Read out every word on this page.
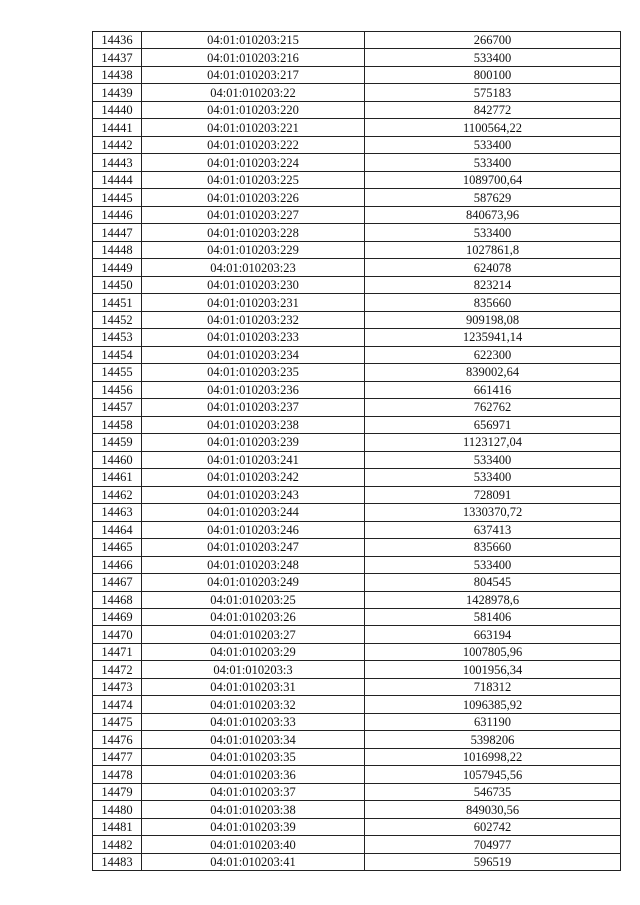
14436	04:01:010203:215	266700
14437	04:01:010203:216	533400
14438	04:01:010203:217	800100
14439	04:01:010203:22	575183
14440	04:01:010203:220	842772
14441	04:01:010203:221	1100564,22
14442	04:01:010203:222	533400
14443	04:01:010203:224	533400
14444	04:01:010203:225	1089700,64
14445	04:01:010203:226	587629
14446	04:01:010203:227	840673,96
14447	04:01:010203:228	533400
14448	04:01:010203:229	1027861,8
14449	04:01:010203:23	624078
14450	04:01:010203:230	823214
14451	04:01:010203:231	835660
14452	04:01:010203:232	909198,08
14453	04:01:010203:233	1235941,14
14454	04:01:010203:234	622300
14455	04:01:010203:235	839002,64
14456	04:01:010203:236	661416
14457	04:01:010203:237	762762
14458	04:01:010203:238	656971
14459	04:01:010203:239	1123127,04
14460	04:01:010203:241	533400
14461	04:01:010203:242	533400
14462	04:01:010203:243	728091
14463	04:01:010203:244	1330370,72
14464	04:01:010203:246	637413
14465	04:01:010203:247	835660
14466	04:01:010203:248	533400
14467	04:01:010203:249	804545
14468	04:01:010203:25	1428978,6
14469	04:01:010203:26	581406
14470	04:01:010203:27	663194
14471	04:01:010203:29	1007805,96
14472	04:01:010203:3	1001956,34
14473	04:01:010203:31	718312
14474	04:01:010203:32	1096385,92
14475	04:01:010203:33	631190
14476	04:01:010203:34	5398206
14477	04:01:010203:35	1016998,22
14478	04:01:010203:36	1057945,56
14479	04:01:010203:37	546735
14480	04:01:010203:38	849030,56
14481	04:01:010203:39	602742
14482	04:01:010203:40	704977
14483	04:01:010203:41	596519
